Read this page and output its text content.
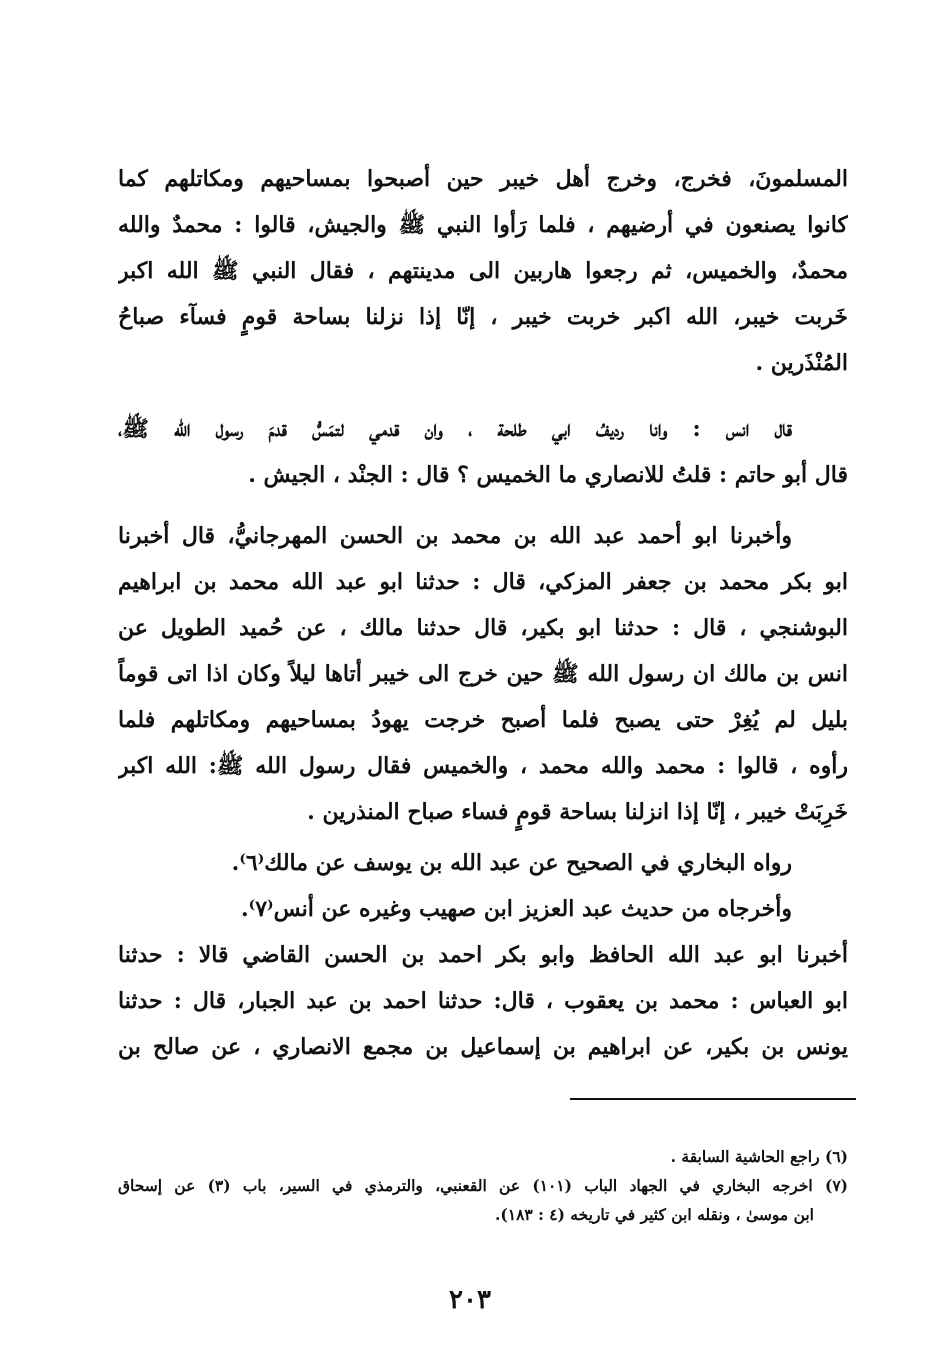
المسلمونَ، فخرج، وخرج أهل خيبر حين أصبحوا بمساحيهم ومكاتلهم كما
كانوا يصنعون في أرضيهم ، فلما رَأوا النبي ﷺ والجيش، قالوا : محمدٌ والله
محمدٌ، والخميس، ثم رجعوا هاربين الى مدينتهم ، فقال النبي ﷺ الله اكبر
خَربت خيبر، الله اكبر خربت خيبر ، إنّا إذا نزلنا بساحة قومٍ فسآء صباحُ
المُنْذَرين .
قال انس : وانا رديفُ ابي طلحة ، وان قدمي لتمَسُّ قدمَ رسول الله ﷺ،
قال أبو حاتم : قلتُ للانصاري ما الخميس ؟ قال : الجنْد ، الجيش .
وأخبرنا ابو أحمد عبد الله بن محمد بن الحسن المهرجانيُّ، قال أخبرنا
ابو بكر محمد بن جعفر المزكي، قال : حدثنا ابو عبد الله محمد بن ابراهيم
البوشنجي ، قال : حدثنا ابو بكير، قال حدثنا مالك ، عن حُميد الطويل عن
انس بن مالك ان رسول الله ﷺ حين خرج الى خيبر أتاها ليلاً وكان اذا اتى قوماً
بليل لم يُغِرْ حتى يصبح فلما أصبح خرجت يهودُ بمساحيهم ومكاتلهم فلما
رأوه ، قالوا : محمد والله محمد ، والخميس فقال رسول الله ﷺ: الله اكبر
خَرِبَتْ خيبر ، إنّا إذا انزلنا بساحة قومٍ فساء صباح المنذرين .
رواه البخاري في الصحيح عن عبد الله بن يوسف عن مالك⁽٦⁾.
وأخرجاه من حديث عبد العزيز ابن صهيب وغيره عن أنس⁽٧⁾.
أخبرنا ابو عبد الله الحافظ وابو بكر احمد بن الحسن القاضي قالا : حدثنا
ابو العباس : محمد بن يعقوب ، قال: حدثنا احمد بن عبد الجبار، قال : حدثنا
يونس بن بكير، عن ابراهيم بن إسماعيل بن مجمع الانصاري ، عن صالح بن
(٦) راجع الحاشية السابقة .
(٧) اخرجه البخاري في الجهاد الباب (١٠١) عن القعنبي، والترمذي في السير، باب (٣) عن إسحاق
ابن موسىٰ ، ونقله ابن كثير في تاريخه (٤ : ١٨٣).
٢٠٣
